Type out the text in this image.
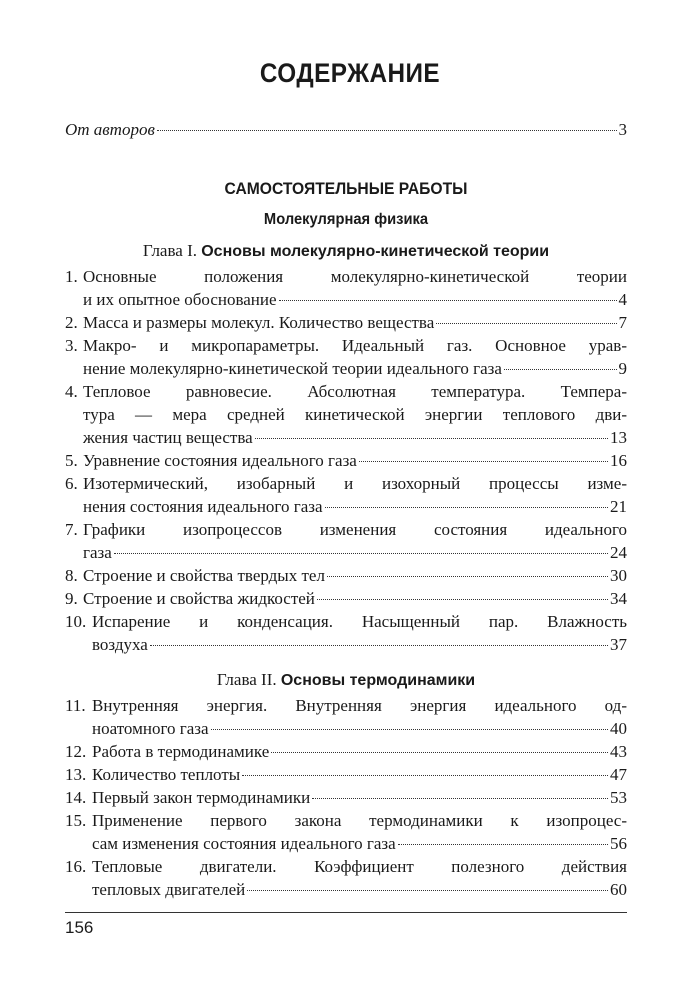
СОДЕРЖАНИЕ
От авторов	3
САМОСТОЯТЕЛЬНЫЕ РАБОТЫ
Молекулярная физика
Глава I. Основы молекулярно-кинетической теории
1. Основные положения молекулярно-кинетической теории
и их опытное обоснование	4
2. Масса и размеры молекул. Количество вещества	7
3. Макро- и микропараметры. Идеальный газ. Основное урав-
нение молекулярно-кинетической теории идеального газа	9
4. Тепловое равновесие. Абсолютная температура. Темпера-
тура — мера средней кинетической энергии теплового дви-
жения частиц вещества	13
5. Уравнение состояния идеального газа	16
6. Изотермический, изобарный и изохорный процессы изме-
нения состояния идеального газа	21
7. Графики изопроцессов изменения состояния идеального
газа	24
8. Строение и свойства твердых тел	30
9. Строение и свойства жидкостей	34
10. Испарение и конденсация. Насыщенный пар. Влажность
воздуха	37
Глава II. Основы термодинамики
11. Внутренняя энергия. Внутренняя энергия идеального од-
ноатомного газа	40
12. Работа в термодинамике	43
13. Количество теплоты	47
14. Первый закон термодинамики	53
15. Применение первого закона термодинамики к изопроцес-
сам изменения состояния идеального газа	56
16. Тепловые двигатели. Коэффициент полезного действия
тепловых двигателей	60
156
